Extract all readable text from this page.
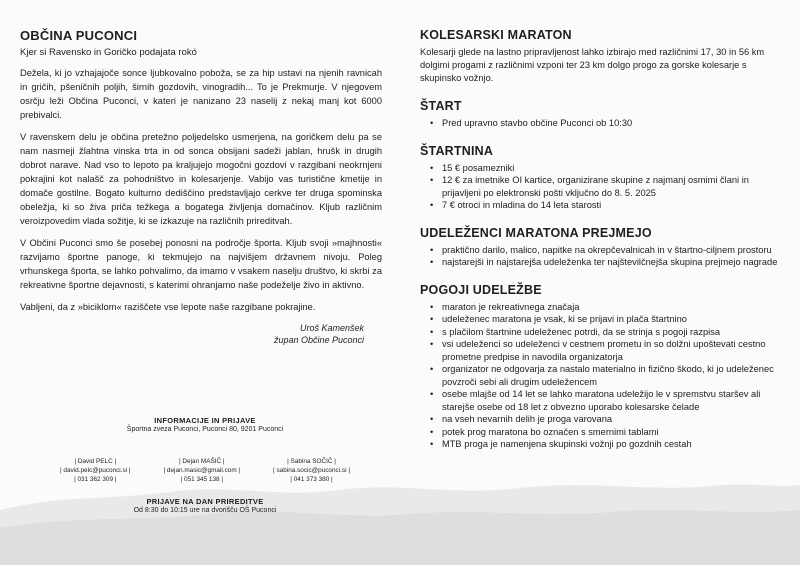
OBČINA PUCONCI
Kjer si Ravensko in Goričko podajata rokó

Dežela, ki jo vzhajajoče sonce ljubkovalno poboža, se za hip ustavi na njenih ravnicah in gričih, pšeničnih poljih, širnih gozdovih, vinogradih... To je Prekmurje. V njegovem osrčju leži Občina Puconci, v kateri je nanizano 23 naselij z nekaj manj kot 6000 prebivalci.

V ravenskem delu je občina pretežno poljedelsko usmerjena, na goričkem delu pa se nam nasmeji žlahtna vinska trta in od sonca obsijani sadeži jablan, hrušk in drugih dobrot narave. Nad vso to lepoto pa kraljujejo mogočni gozdovi v razgibani neokrnjeni pokrajini kot nalašč za pohodništvo in kolesarjenje. Vabijo vas turistične kmetije in domače gostilne. Bogato kulturno dediščino predstavljajo cerkve ter druga spominska obeležja, ki so živa priča težkega a bogatega življenja domačinov. Kljub različnim veroizpovedim vlada sožitje, ki se izkazuje na različnih prireditvah.

V Občini Puconci smo še posebej ponosni na področje športa. Kljub svoji »majhnosti« razvijamo športne panoge, ki tekmujejo na najvišjem državnem nivoju. Poleg vrhunskega športa, se lahko pohvalimo, da imamo v vsakem naselju društvo, ki skrbi za rekreativne športne dejavnosti, s katerimi ohranjamo naše podeželje živo in aktivno.

Vabljeni, da z »biciklom« raziščete vse lepote naše razgibane pokrajine.

Uroš Kamenšek
župan Občine Puconci
INFORMACIJE IN PRIJAVE
Športna zveza Puconci, Puconci 80, 9201 Puconci
| David PELC |
| david.pelc@puconci.si |
| 031 362 309 |
| Dejan MAŠIČ |
| dejan.masic@gmail.com |
| 051 345 138 |
| Sabina SOČIČ |
| sabina.socic@puconci.si |
| 041 373 380 |
PRIJAVE NA DAN PRIREDITVE
Od 8:30 do 10:15 ure na dvorišču OŠ Puconci
KOLESARSKI MARATON
Kolesarji glede na lastno pripravljenost lahko izbirajo med različnimi 17, 30 in 56 km dolgimi progami z različnimi vzponi ter 23 km dolgo progo za gorske kolesarje s skupinsko vožnjo.
ŠTART
• Pred upravno stavbo občine Puconci ob 10:30
ŠTARTNINA
• 15 € posamezniki
• 12 € za imetnike OI kartice, organizirane skupine z najmanj osmimi člani in prijavljeni po elektronski pošti vključno do 8. 5. 2025
• 7 € otroci in mladina do 14 leta starosti
UDELEŽENCI MARATONA PREJMEJO
• praktično darilo, malico, napitke na okrepčevalnicah in v štartno-ciljnem prostoru
• najstarejši in najstarejša udeleženka ter najštevilčnejša skupina prejmejo nagrade
POGOJI UDELEŽBE
• maraton je rekreativnega značaja
• udeleženec maratona je vsak, ki se prijavi in plača štartnino
• s plačilom štartnine udeleženec potrdi, da se strinja s pogoji razpisa
• vsi udeleženci so udeleženci v cestnem prometu in so dolžni upoštevati cestno prometne predpise in navodila organizatorja
• organizator ne odgovarja za nastalo materialno in fizično škodo, ki jo udeleženec povzroči sebi ali drugim udeležencem
• osebe mlajše od 14 let se lahko maratona udeležijo le v spremstvu staršev ali starejše osebe od 18 let z obvezno uporabo kolesarske čelade
• na vseh nevarnih delih je proga varovana
• potek prog maratona bo označen s smernimi tablami
• MTB proga je namenjena skupinski vožnji po gozdnih cestah
